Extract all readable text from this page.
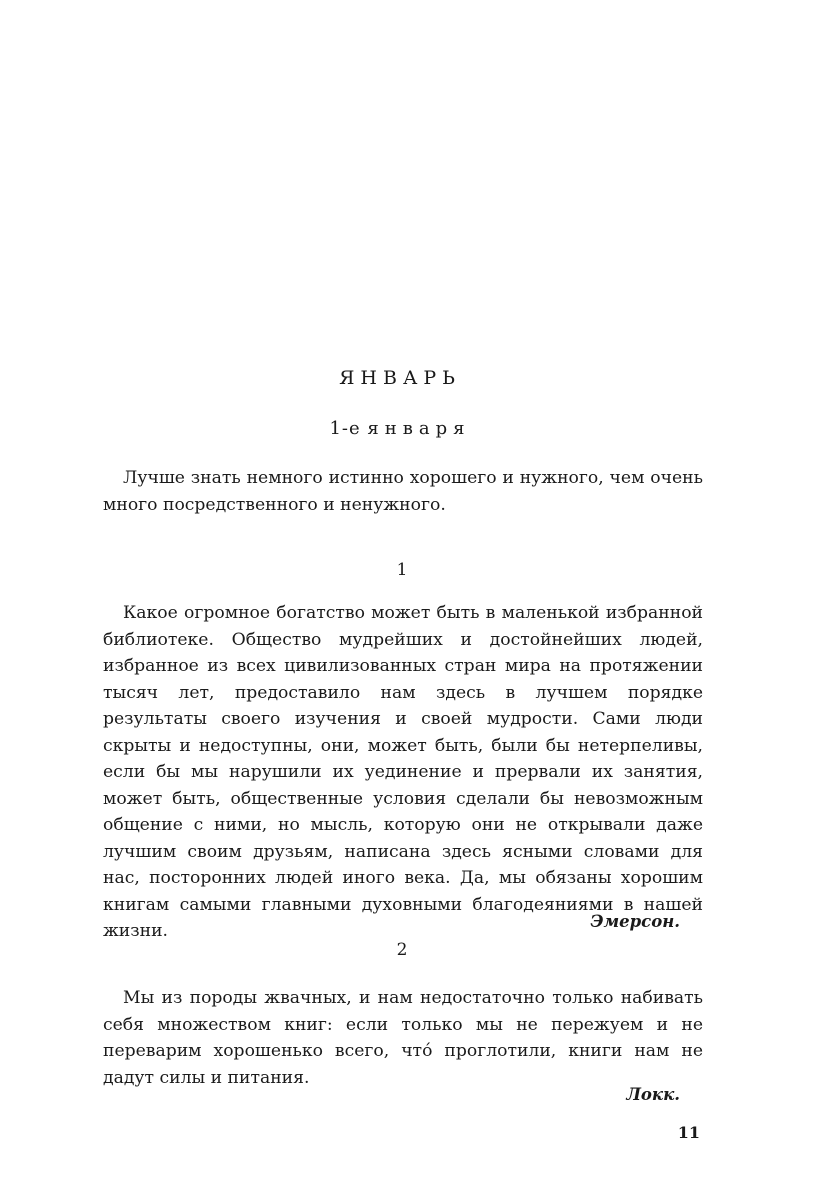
ЯНВАРЬ
1-е января

Лучше знать немного истинно хорошего и нужного, чем очень много посредственного и ненужного.

1

Какое огромное богатство может быть в маленькой избранной библиотеке. Общество мудрейших и достойнейших людей, избранное из всех цивилизованных стран мира на протяжении тысяч лет, предоставило нам здесь в лучшем порядке результаты своего изучения и своей мудрости. Сами люди скрыты и недоступны, они, может быть, были бы нетерпеливы, если бы мы нарушили их уединение и прервали их занятия, может быть, общественные условия сделали бы невозможным общение с ними, но мысль, которую они не открывали даже лучшим своим друзьям, написана здесь ясными словами для нас, посторонних людей иного века. Да, мы обязаны хорошим книгам самыми главными духовными благодеяниями в нашей жизни.	Эмерсон.
2

Мы из породы жвачных, и нам недостаточно только набивать себя множеством книг: если только мы не пережуем и не переварим хорошенько всего, что́ проглотили, книги нам не дадут силы и питания.

Локк.
11
